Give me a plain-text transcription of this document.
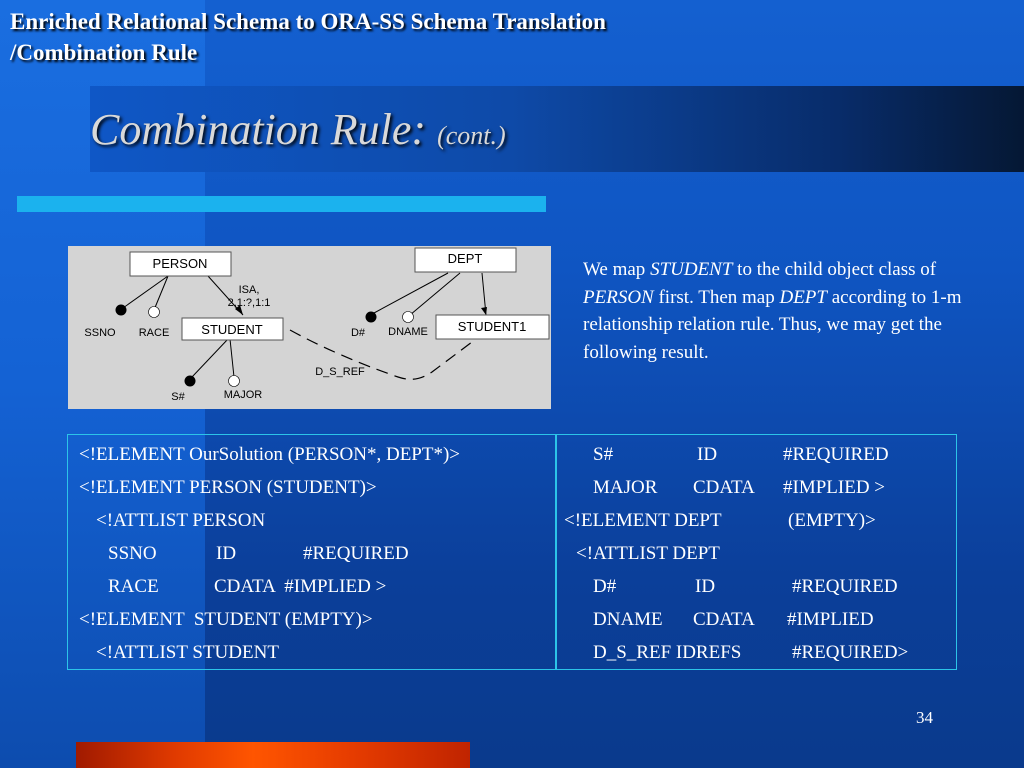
Enriched Relational Schema to ORA-SS Schema Translation
/Combination Rule
Combination Rule: (cont.)
PERSON	DEPT
STUDENT	STUDENT1
ISA,
2,1:?,1:1
SSNO RACE	D# DNAME
S#	MAJOR
D_S_REF

We map STUDENT to the child object class of PERSON first. Then map DEPT according to 1-m relationship relation rule. Thus, we may get the following result.

<!ELEMENT OurSolution (PERSON*, DEPT*)>
<!ELEMENT PERSON (STUDENT)>
<!ATTLIST PERSON
SSNO	ID	#REQUIRED
RACE	CDATA  #IMPLIED >
<!ELEMENT  STUDENT (EMPTY)>
<!ATTLIST STUDENT
S#	ID	#REQUIRED
MAJOR CDATA #IMPLIED >
<!ELEMENT DEPT	(EMPTY)>
<!ATTLIST DEPT
D#	ID	#REQUIRED
DNAME CDATA #IMPLIED
D_S_REF IDREFS	#REQUIRED>
34
